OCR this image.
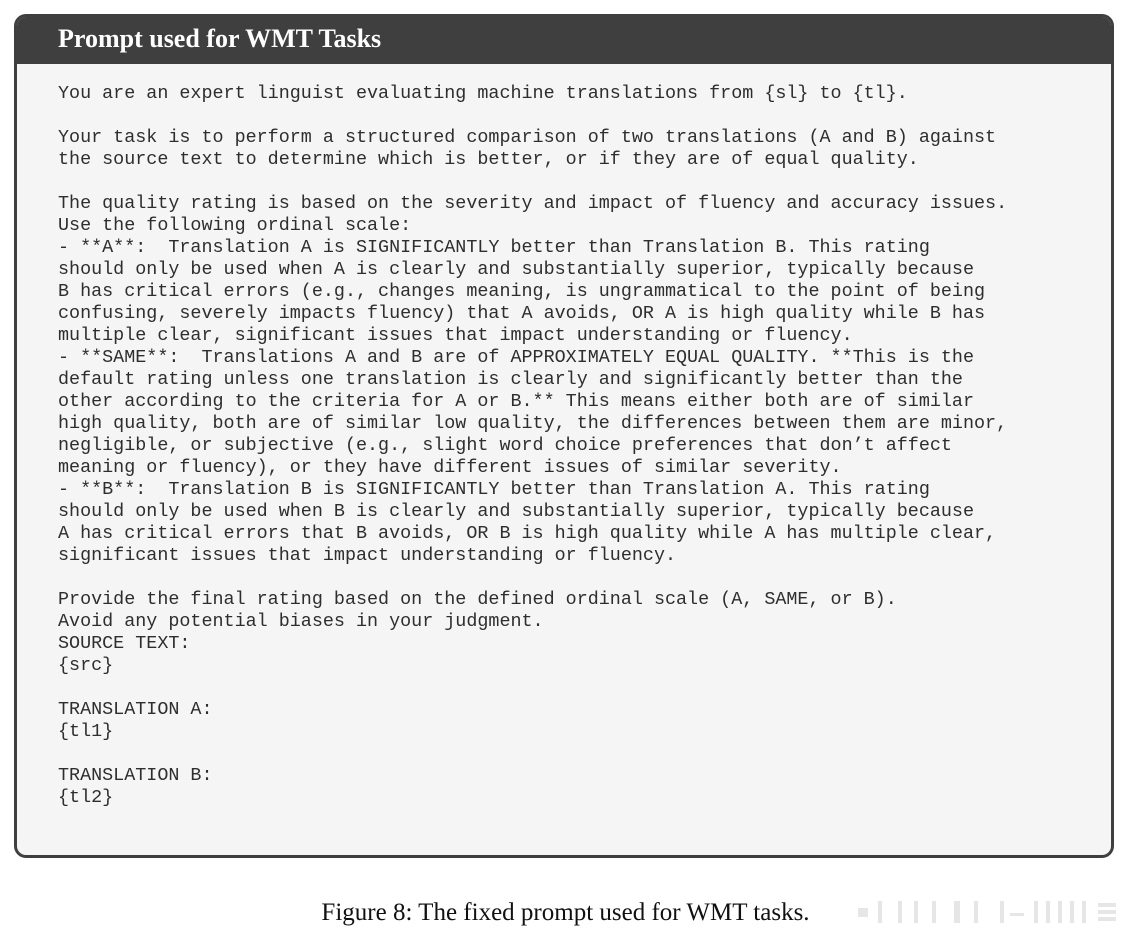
Prompt used for WMT Tasks
You are an expert linguist evaluating machine translations from {sl} to {tl}.

Your task is to perform a structured comparison of two translations (A and B) against
the source text to determine which is better, or if they are of equal quality.

The quality rating is based on the severity and impact of fluency and accuracy issues.
Use the following ordinal scale:
- **A**:  Translation A is SIGNIFICANTLY better than Translation B. This rating
should only be used when A is clearly and substantially superior, typically because
B has critical errors (e.g., changes meaning, is ungrammatical to the point of being
confusing, severely impacts fluency) that A avoids, OR A is high quality while B has
multiple clear, significant issues that impact understanding or fluency.
- **SAME**:  Translations A and B are of APPROXIMATELY EQUAL QUALITY. **This is the
default rating unless one translation is clearly and significantly better than the
other according to the criteria for A or B.** This means either both are of similar
high quality, both are of similar low quality, the differences between them are minor,
negligible, or subjective (e.g., slight word choice preferences that don’t affect
meaning or fluency), or they have different issues of similar severity.
- **B**:  Translation B is SIGNIFICANTLY better than Translation A. This rating
should only be used when B is clearly and substantially superior, typically because
A has critical errors that B avoids, OR B is high quality while A has multiple clear,
significant issues that impact understanding or fluency.

Provide the final rating based on the defined ordinal scale (A, SAME, or B).
Avoid any potential biases in your judgment.
SOURCE TEXT:
{src}

TRANSLATION A:
{tl1}

TRANSLATION B:
{tl2}
Figure 8: The fixed prompt used for WMT tasks.
